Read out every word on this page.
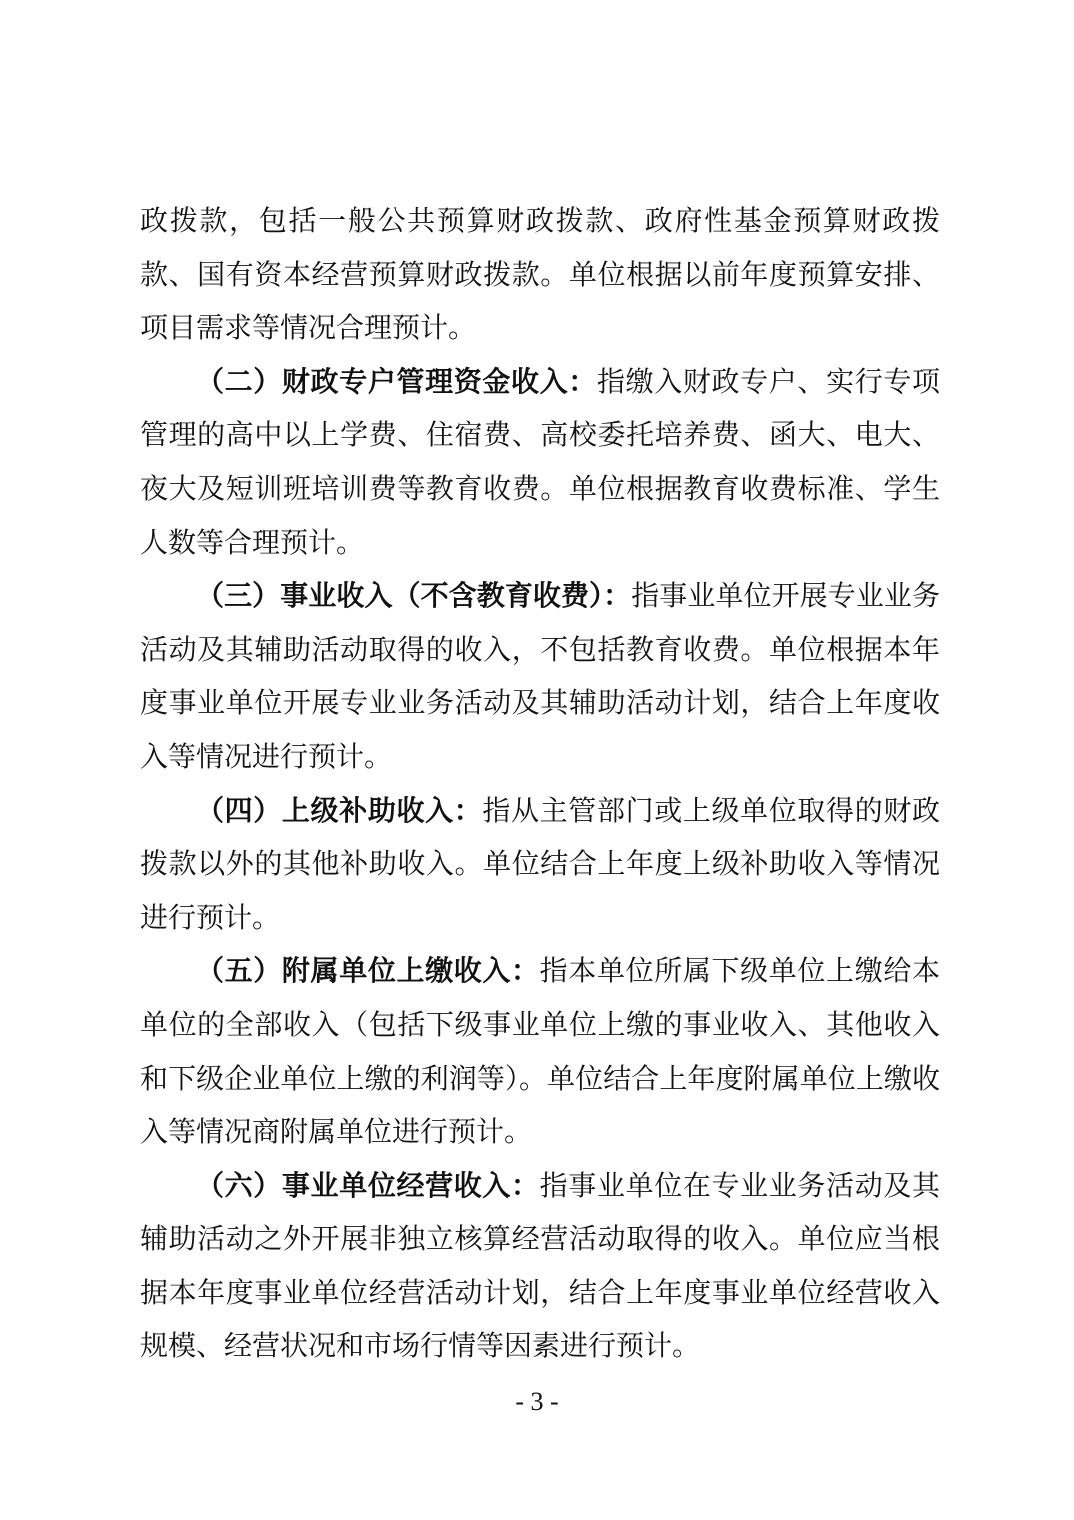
政拨款，包括一般公共预算财政拨款、政府性基金预算财政拨款、国有资本经营预算财政拨款。单位根据以前年度预算安排、项目需求等情况合理预计。

（二）财政专户管理资金收入：指缴入财政专户、实行专项管理的高中以上学费、住宿费、高校委托培养费、函大、电大、夜大及短训班培训费等教育收费。单位根据教育收费标准、学生人数等合理预计。

（三）事业收入（不含教育收费）：指事业单位开展专业业务活动及其辅助活动取得的收入，不包括教育收费。单位根据本年度事业单位开展专业业务活动及其辅助活动计划，结合上年度收入等情况进行预计。

（四）上级补助收入：指从主管部门或上级单位取得的财政拨款以外的其他补助收入。单位结合上年度上级补助收入等情况进行预计。

（五）附属单位上缴收入：指本单位所属下级单位上缴给本单位的全部收入（包括下级事业单位上缴的事业收入、其他收入和下级企业单位上缴的利润等）。单位结合上年度附属单位上缴收入等情况商附属单位进行预计。

（六）事业单位经营收入：指事业单位在专业业务活动及其辅助活动之外开展非独立核算经营活动取得的收入。单位应当根据本年度事业单位经营活动计划，结合上年度事业单位经营收入规模、经营状况和市场行情等因素进行预计。

- 3 -
